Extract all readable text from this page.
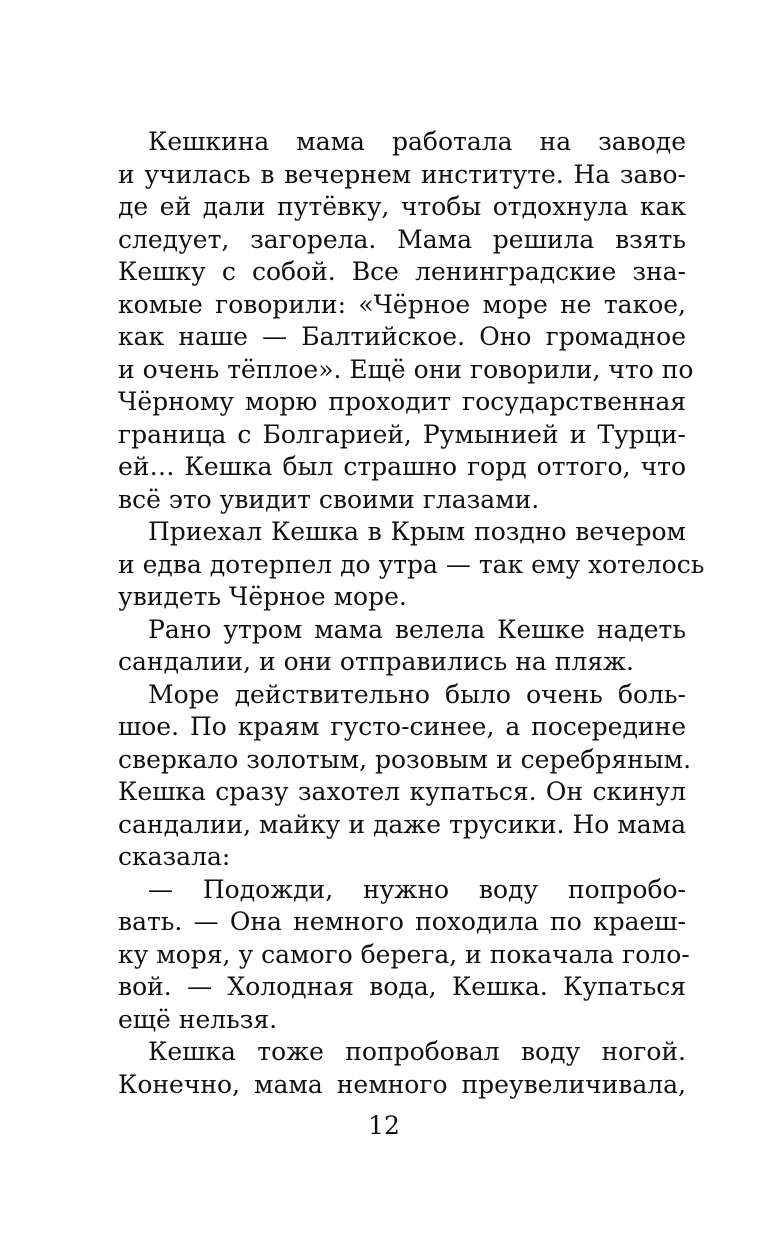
Кешкина мама работала на заводе
и училась в вечернем институте. На заво-
де ей дали путёвку, чтобы отдохнула как
следует, загорела. Мама решила взять
Кешку с собой. Все ленинградские зна-
комые говорили: «Чёрное море не такое,
как наше — Балтийское. Оно громадное
и очень тёплое». Ещё они говорили, что по
Чёрному морю проходит государственная
граница с Болгарией, Румынией и Турци-
ей… Кешка был страшно горд оттого, что
всё это увидит своими глазами.
Приехал Кешка в Крым поздно вечером
и едва дотерпел до утра — так ему хотелось
увидеть Чёрное море.
Рано утром мама велела Кешке надеть
сандалии, и они отправились на пляж.
Море действительно было очень боль-
шое. По краям густо-синее, а посередине
сверкало золотым, розовым и серебряным.
Кешка сразу захотел купаться. Он скинул
сандалии, майку и даже трусики. Но мама
сказала:
— Подожди, нужно воду попробо-
вать. — Она немного походила по краеш-
ку моря, у самого берега, и покачала голо-
вой. — Холодная вода, Кешка. Купаться
ещё нельзя.
Кешка тоже попробовал воду ногой.
Конечно, мама немного преувеличивала,
12
